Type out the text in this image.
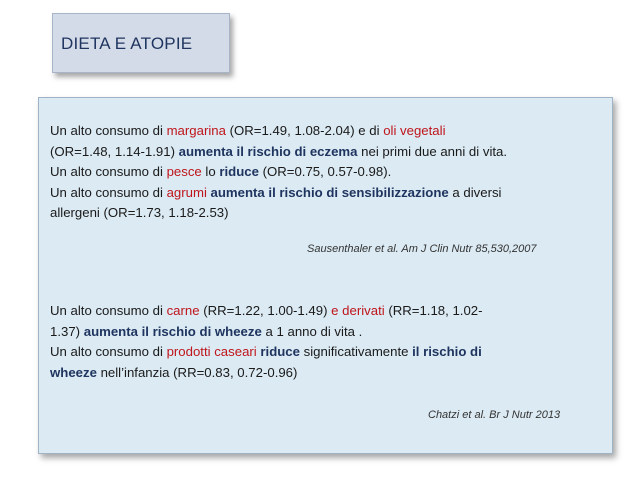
DIETA E ATOPIE
Un alto consumo di margarina (OR=1.49, 1.08-2.04) e di oli vegetali
(OR=1.48, 1.14-1.91) aumenta il rischio di eczema nei primi due anni di vita.
Un alto consumo di pesce lo riduce (OR=0.75, 0.57-0.98).
Un alto consumo di agrumi aumenta il rischio di sensibilizzazione a diversi
allergeni (OR=1.73, 1.18-2.53)
Sausenthaler et al. Am J Clin Nutr 85,530,2007
Un alto consumo di carne (RR=1.22, 1.00-1.49) e derivati (RR=1.18, 1.02-
1.37) aumenta il rischio di wheeze a 1 anno di vita .
Un alto consumo di prodotti caseari riduce significativamente il rischio di
wheeze nell’infanzia (RR=0.83, 0.72-0.96)
Chatzi et al. Br J Nutr 2013
